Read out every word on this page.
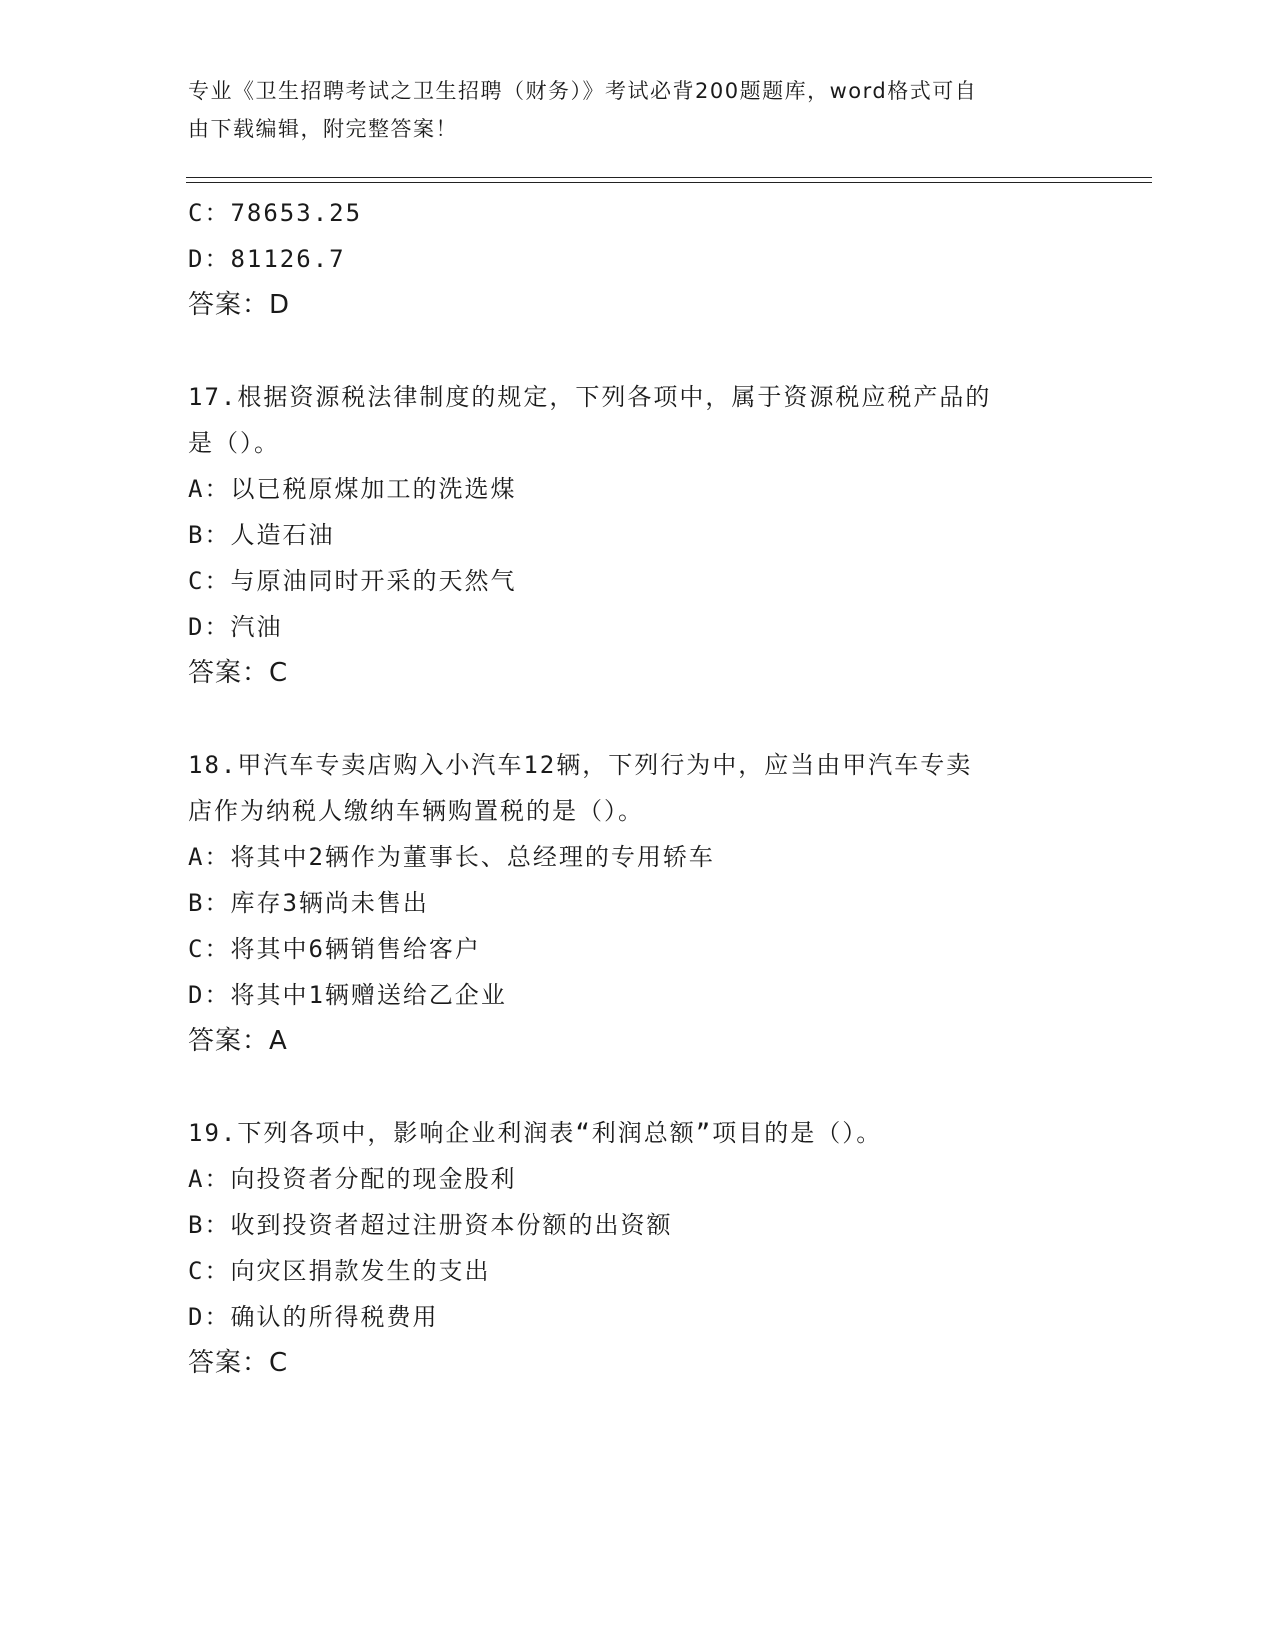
专业《卫生招聘考试之卫生招聘（财务）》考试必背200题题库，word格式可自
由下载编辑，附完整答案！
C：78653.25
D：81126.7
答案：D
17.根据资源税法律制度的规定，下列各项中，属于资源税应税产品的
是（）。
A：以已税原煤加工的洗选煤
B：人造石油
C：与原油同时开采的天然气
D：汽油
答案：C
18.甲汽车专卖店购入小汽车12辆，下列行为中，应当由甲汽车专卖
店作为纳税人缴纳车辆购置税的是（）。
A：将其中2辆作为董事长、总经理的专用轿车
B：库存3辆尚未售出
C：将其中6辆销售给客户
D：将其中1辆赠送给乙企业
答案：A
19.下列各项中，影响企业利润表“利润总额”项目的是（）。
A：向投资者分配的现金股利
B：收到投资者超过注册资本份额的出资额
C：向灾区捐款发生的支出
D：确认的所得税费用
答案：C
